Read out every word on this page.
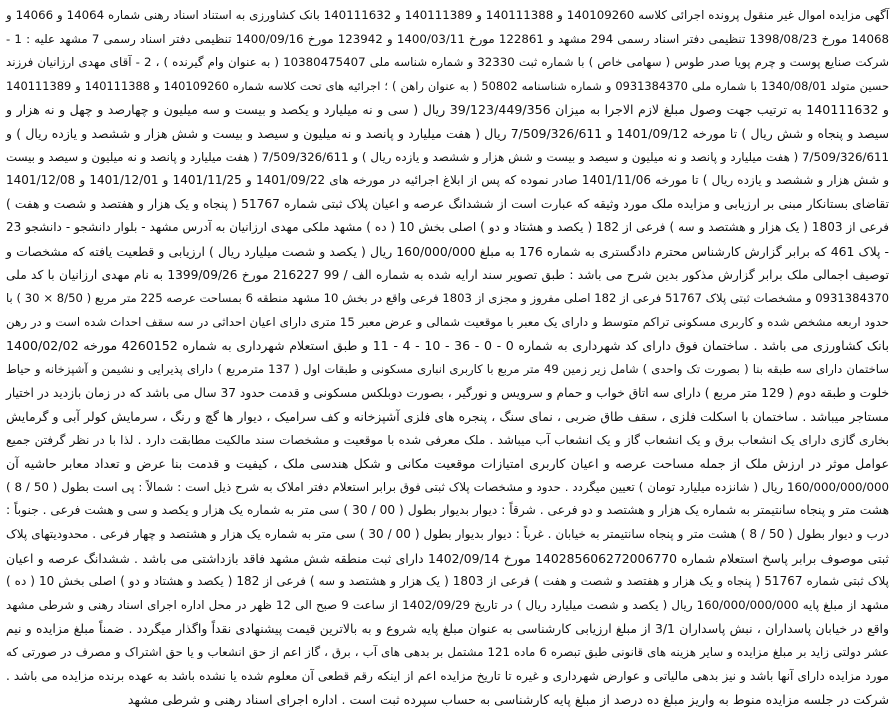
آگهی مزایده اموال غیر منقول پرونده اجرائی کلاسه 140109260 و 140111388 و 140111389 و 140111632 بانک کشاورزی به استناد اسناد رهنی شماره 14064 و 14066 و
14068 مورخ 1398/08/23 تنظیمی دفتر اسناد رسمی 294 مشهد و 122861 مورخ 1400/03/11 و 123942 مورخ 1400/09/16 تنظیمی دفتر اسناد رسمی 7 مشهد علیه : 1 -
شرکت صنایع پوست و چرم پویا صدر طوس ( سهامی خاص ) با شماره ثبت 32330 و شماره شناسه ملی 10380475407 ( به عنوان وام گیرنده ) ، 2 - آقای مهدی ارزانیان فرزند
حسین متولد 1340/08/01 با شماره ملی 0931384370 و شماره شناسنامه 50802 ( به عنوان راهن ) ؛ اجرائیه های تحت کلاسه شماره 140109260 و 140111388 و 140111389
و 140111632 به ترتیب جهت وصول مبلغ لازم الاجرا به میزان 39/123/449/356 ریال ( سی و نه میلیارد و یکصد و بیست و سه میلیون و چهارصد و چهل و نه هزار و
سیصد و پنجاه و شش ریال ) تا مورخه 1401/09/12 و 7/509/326/611 ریال ( هفت میلیارد و پانصد و نه میلیون و سیصد و بیست و شش هزار و ششصد و یازده ریال ) و
7/509/326/611 ( هفت میلیارد و پانصد و نه میلیون و سیصد و بیست و شش هزار و ششصد و یازده ریال ) و 7/509/326/611 ( هفت میلیارد و پانصد و نه میلیون و سیصد و بیست
و شش هزار و ششصد و یازده ریال ) تا مورخه 1401/11/06 صادر نموده که پس از ابلاغ اجرائیه در مورخه های 1401/09/22 و 1401/11/25 و 1401/12/01 و 1401/12/08
تقاضای بستانکار مبنی بر ارزیابی و مزایده ملک مورد وثیقه که عبارت است از ششدانگ عرصه و اعیان پلاک ثبتی شماره 51767 ( پنجاه و یک هزار و هفتصد و شصت و هفت )
فرعی از 1803 ( یک هزار و هشتصد و سه ) فرعی از 182 ( یکصد و هشتاد و دو ) اصلی بخش 10 ( ده ) مشهد ملکی مهدی ارزانیان به آدرس مشهد - بلوار دانشجو - دانشجو 23
- پلاک 461 که برابر گزارش کارشناس محترم دادگستری به شماره 176 به مبلغ 160/000/000 ریال ( یکصد و شصت میلیارد ریال ) ارزیابی و قطعیت یافته که مشخصات و
توصیف اجمالی ملک برابر گزارش مذکور بدین شرح می باشد : طبق تصویر سند ارایه شده به شماره الف / 99 216227 مورخ 1399/09/26 به نام مهدی ارزانیان با کد ملی
0931384370 و مشخصات ثبتی پلاک 51767 فرعی از 182 اصلی مفروز و مجزی از 1803 فرعی واقع در بخش 10 مشهد منطقه 6 بمساحت عرصه 225 متر مربع ( 8/50 × 30 ) با
حدود اربعه مشخص شده و کاربری مسکونی تراکم متوسط و دارای یک معبر با موقعیت شمالی و عرض معبر 15 متری دارای اعیان احداثی در سه سقف احداث شده است و در رهن
بانک کشاورزی می باشد . ساختمان فوق دارای کد شهرداری به شماره 0 - 0 - 36 - 10 - 4 - 11 و طبق استعلام شهرداری به شماره 4260152 مورخه 1400/02/02
ساختمان دارای سه طبقه بنا ( بصورت تک واحدی ) شامل زیر زمین 49 متر مربع با کاربری انباری مسکونی و طبقات اول ( 137 مترمربع ) دارای پذیرایی و نشیمن و آشپزخانه و حیاط
خلوت و طبقه دوم ( 129 متر مربع ) دارای سه اتاق خواب و حمام و سرویس و نورگیر ، بصورت دوبلکس مسکونی و قدمت حدود 37 سال می باشد که در زمان بازدید در اختیار
مستاجر میباشد . ساختمان با اسکلت فلزی ، سقف طاق ضربی ، نمای سنگ ، پنجره های فلزی آشپزخانه و کف سرامیک ، دیوار ها گچ و رنگ ، سرمایش کولر آبی و گرمایش
بخاری گازی دارای یک انشعاب برق و یک انشعاب گاز و یک انشعاب آب میباشد . ملک معرفی شده با موقعیت و مشخصات سند مالکیت مطابقت دارد . لذا با در نظر گرفتن جمیع
عوامل موثر در ارزش ملک از جمله مساحت عرصه و اعیان کاربری امتیازات موقعیت مکانی و شکل هندسی ملک ، کیفیت و قدمت بنا عرض و تعداد معابر حاشیه آن
160/000/000/000 ریال ( شانزده میلیارد تومان ) تعیین میگردد . حدود و مشخصات پلاک ثبتی فوق برابر استعلام دفتر املاک به شرح ذیل است : شمالاً : پی است بطول ( 50 / 8 )
هشت متر و پنجاه سانتیمتر به شماره یک هزار و هشتصد و دو فرعی . شرقاً : دیوار بدیوار بطول ( 00 / 30 ) سی متر به شماره یک هزار و یکصد و سی و هشت فرعی . جنوباً :
درب و دیوار بطول ( 50 / 8 ) هشت متر و پنجاه سانتیمتر به خیابان . غرباً : دیوار بدیوار بطول ( 00 / 30 ) سی متر به شماره یک هزار و هشتصد و چهار فرعی . محدودیتهای پلاک
ثبتی موصوف برابر پاسخ استعلام شماره 140285606272006770 مورخ 1402/09/14 دارای ثبت منطقه شش مشهد فاقد بازداشتی می باشد . ششدانگ عرصه و اعیان
پلاک ثبتی شماره 51767 ( پنجاه و یک هزار و هفتصد و شصت و هفت ) فرعی از 1803 ( یک هزار و هشتصد و سه ) فرعی از 182 ( یکصد و هشتاد و دو ) اصلی بخش 10 ( ده )
مشهد از مبلغ پایه 160/000/000/000 ریال ( یکصد و شصت میلیارد ریال ) در تاریخ 1402/09/29 از ساعت 9 صبح الی 12 ظهر در محل اداره اجرای اسناد رهنی و شرطی مشهد
واقع در خیابان پاسداران ، نبش پاسداران 3/1 از مبلغ ارزیابی کارشناسی به عنوان مبلغ پایه شروع و به بالاترین قیمت پیشنهادی نقداً واگذار میگردد . ضمناً مبلغ مزایده و نیم
عشر دولتی زاید بر مبلغ مزایده و سایر هزینه های قانونی طبق تبصره 6 ماده 121 مشتمل بر بدهی های آب ، برق ، گاز اعم از حق انشعاب و یا حق اشتراک و مصرف در صورتی که
مورد مزایده دارای آنها باشد و نیز بدهی مالیاتی و عوارض شهرداری و غیره تا تاریخ مزایده اعم از اینکه رقم قطعی آن معلوم شده یا نشده باشد به عهده برنده مزایده می باشد .
شرکت در جلسه مزایده منوط به واریز مبلغ ده درصد از مبلغ پایه کارشناسی به حساب سپرده ثبت است . اداره اجرای اسناد رهنی و شرطی مشهد
